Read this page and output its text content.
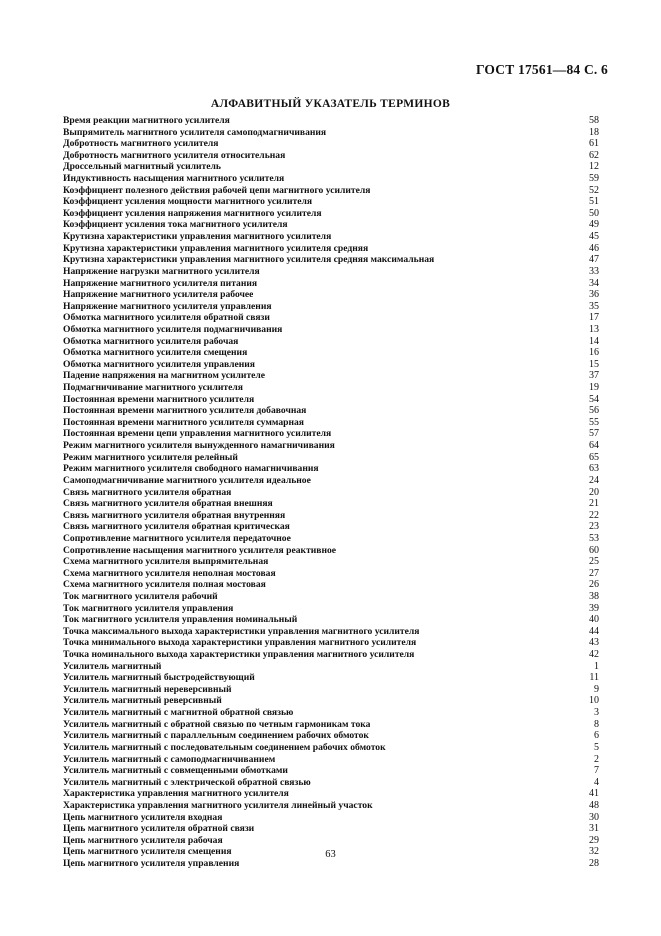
ГОСТ 17561—84 С. 6
АЛФАВИТНЫЙ УКАЗАТЕЛЬ ТЕРМИНОВ
Время реакции магнитного усилителя	58
Выпрямитель магнитного усилителя самоподмагничивания	18
Добротность магнитного усилителя	61
Добротность магнитного усилителя относительная	62
Дроссельный магнитный усилитель	12
Индуктивность насыщения магнитного усилителя	59
Коэффициент полезного действия рабочей цепи магнитного усилителя	52
Коэффициент усиления мощности магнитного усилителя	51
Коэффициент усиления напряжения магнитного усилителя	50
Коэффициент усиления тока магнитного усилителя	49
Крутизна характеристики управления магнитного усилителя	45
Крутизна характеристики управления магнитного усилителя средняя	46
Крутизна характеристики управления магнитного усилителя средняя максимальная	47
Напряжение нагрузки магнитного усилителя	33
Напряжение магнитного усилителя питания	34
Напряжение магнитного усилителя рабочее	36
Напряжение магнитного усилителя управления	35
Обмотка магнитного усилителя обратной связи	17
Обмотка магнитного усилителя подмагничивания	13
Обмотка магнитного усилителя рабочая	14
Обмотка магнитного усилителя смещения	16
Обмотка магнитного усилителя управления	15
Падение напряжения на магнитном усилителе	37
Подмагничивание магнитного усилителя	19
Постоянная времени магнитного усилителя	54
Постоянная времени магнитного усилителя добавочная	56
Постоянная времени магнитного усилителя суммарная	55
Постоянная времени цепи управления магнитного усилителя	57
Режим магнитного усилителя вынужденного намагничивания	64
Режим магнитного усилителя релейный	65
Режим магнитного усилителя свободного намагничивания	63
Самоподмагничивание магнитного усилителя идеальное	24
Связь магнитного усилителя обратная	20
Связь магнитного усилителя обратная внешняя	21
Связь магнитного усилителя обратная внутренняя	22
Связь магнитного усилителя обратная критическая	23
Сопротивление магнитного усилителя передаточное	53
Сопротивление насыщения магнитного усилителя реактивное	60
Схема магнитного усилителя выпрямительная	25
Схема магнитного усилителя неполная мостовая	27
Схема магнитного усилителя полная мостовая	26
Ток магнитного усилителя рабочий	38
Ток магнитного усилителя управления	39
Ток магнитного усилителя управления номинальный	40
Точка максимального выхода характеристики управления магнитного усилителя	44
Точка минимального выхода характеристики управления магнитного усилителя	43
Точка номинального выхода характеристики управления магнитного усилителя	42
Усилитель магнитный	1
Усилитель магнитный быстродействующий	11
Усилитель магнитный нереверсивный	9
Усилитель магнитный реверсивный	10
Усилитель магнитный с магнитной обратной связью	3
Усилитель магнитный с обратной связью по четным гармоникам тока	8
Усилитель магнитный с параллельным соединением рабочих обмоток	6
Усилитель магнитный с последовательным соединением рабочих обмоток	5
Усилитель магнитный с самоподмагничиванием	2
Усилитель магнитный с совмещенными обмотками	7
Усилитель магнитный с электрической обратной связью	4
Характеристика управления магнитного усилителя	41
Характеристика управления магнитного усилителя линейный участок	48
Цепь магнитного усилителя входная	30
Цепь магнитного усилителя обратной связи	31
Цепь магнитного усилителя рабочая	29
Цепь магнитного усилителя смещения	32
Цепь магнитного усилителя управления	28
63
